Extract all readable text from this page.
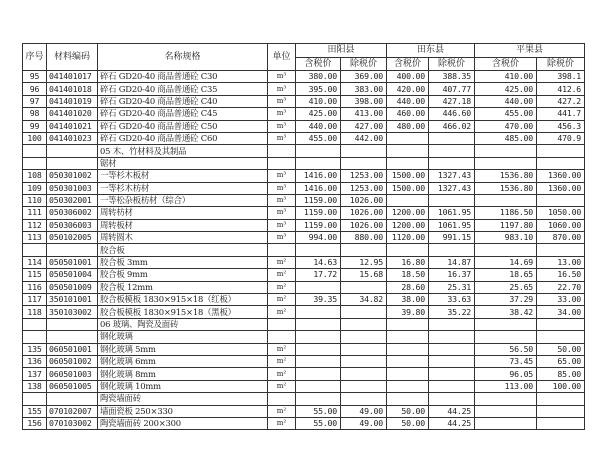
序号	材料编码	名称规格	单位	田阳县		田东县		平果县	
				含税价	除税价	含税价	除税价	含税价	除税价
95	041401017	碎石 GD20-40 商品普通砼 C30	m³	380.00	369.00	400.00	388.35	410.00	398.1
96	041401018	碎石 GD20-40 商品普通砼 C35	m³	395.00	383.00	420.00	407.77	425.00	412.6
97	041401019	碎石 GD20-40 商品普通砼 C40	m³	410.00	398.00	440.00	427.18	440.00	427.2
98	041401020	碎石 GD20-40 商品普通砼 C45	m³	425.00	413.00	460.00	446.60	455.00	441.7
99	041401021	碎石 GD20-40 商品普通砼 C50	m³	440.00	427.00	480.00	466.02	470.00	456.3
100	041401023	碎石 GD20-40 商品普通砼 C60	m³	455.00	442.00			485.00	470.9
		05 木、竹材料及其制品							
		锯材							
108	050301002	一等杉木板材	m³	1416.00	1253.00	1500.00	1327.43	1536.80	1360.00
109	050301003	一等杉木枋材	m³	1416.00	1253.00	1500.00	1327.43	1536.80	1360.00
110	050302001	一等松杂板枋材（综合）	m³	1159.00	1026.00				
111	050306002	周转枋材	m³	1159.00	1026.00	1200.00	1061.95	1186.50	1050.00
112	050306003	周转板材	m³	1159.00	1026.00	1200.00	1061.95	1197.80	1060.00
113	050102005	周转圆木	m³	994.00	880.00	1120.00	991.15	983.10	870.00
		胶合板							
114	050501001	胶合板 3mm	m²	14.63	12.95	16.80	14.87	14.69	13.00
115	050501004	胶合板 9mm	m²	17.72	15.68	18.50	16.37	18.65	16.50
116	050501009	胶合板 12mm	m²			28.60	25.31	25.65	22.70
117	350101001	胶合板模板 1830×915×18（红板）	m²	39.35	34.82	38.00	33.63	37.29	33.00
118	350103002	胶合板模板 1830×915×18（黑板）	m²			39.80	35.22	38.42	34.00
		06 玻璃、陶瓷及面砖							
		钢化玻璃							
135	060501001	钢化玻璃 5mm	m²					56.50	50.00
136	060501002	钢化玻璃 6mm	m²					73.45	65.00
137	060501003	钢化玻璃 8mm	m²					96.05	85.00
138	060501005	钢化玻璃 10mm	m²					113.00	100.00
		陶瓷墙面砖							
155	070102007	墙面瓷板 250×330	m²	55.00	49.00	50.00	44.25		
156	070103002	陶瓷墙面砖 200×300	m²	55.00	49.00	50.00	44.25		
